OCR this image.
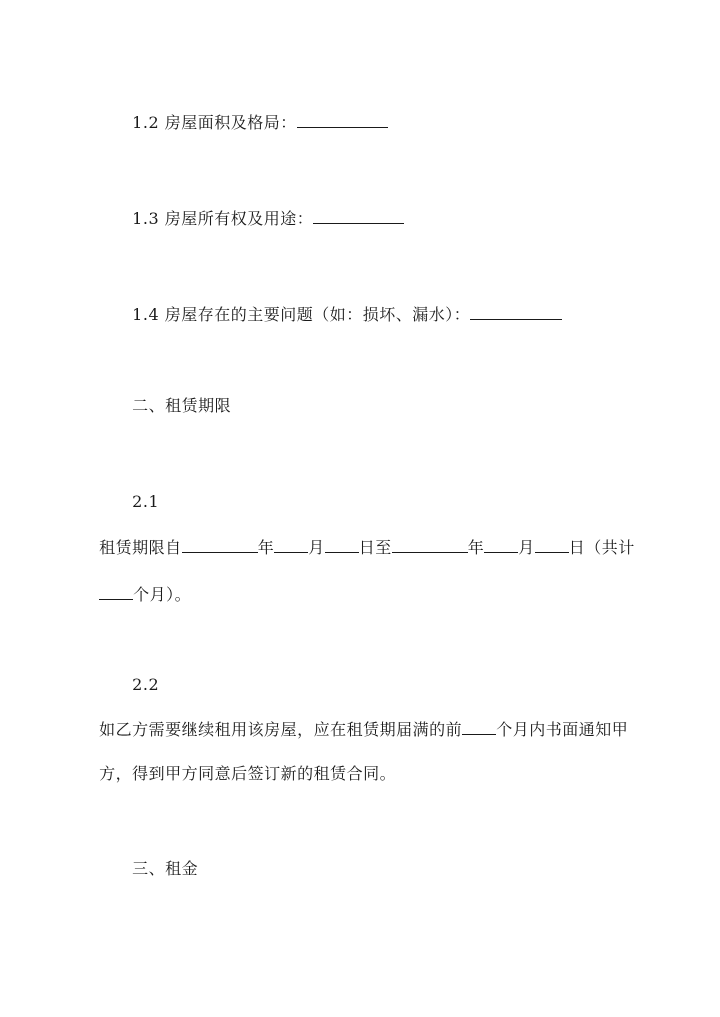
1.2 房屋面积及格局：

1.3 房屋所有权及用途：

1.4 房屋存在的主要问题（如：损坏、漏水）：

二、租赁期限

2.1

租赁期限自	年 月 日至	年 月 日（共计

个月）。

2.2

如乙方需要继续租用该房屋，应在租赁期届满的前 个月内书面通知甲

方，得到甲方同意后签订新的租赁合同。

三、租金
